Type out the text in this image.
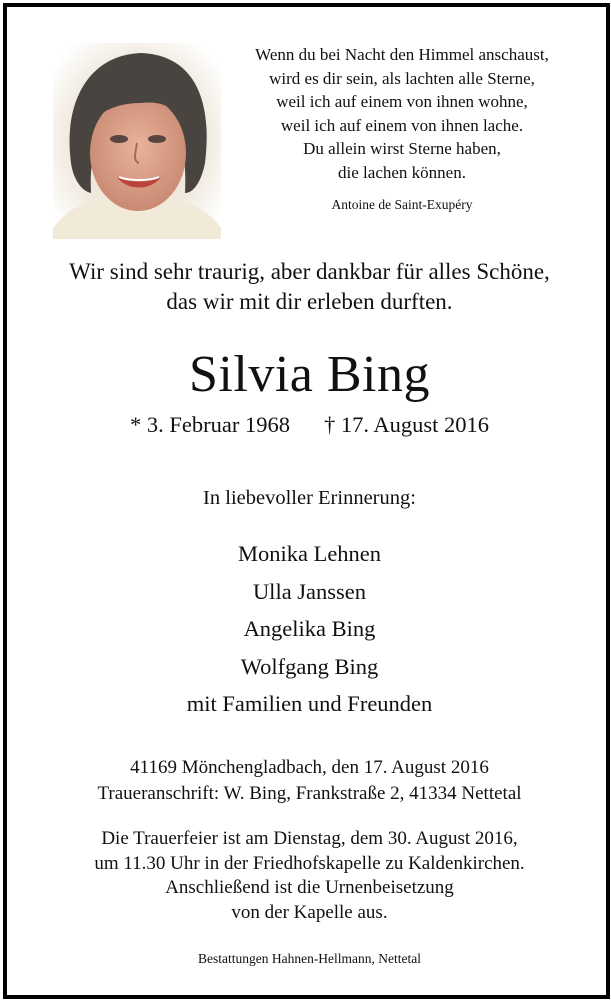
Wenn du bei Nacht den Himmel anschaust,
wird es dir sein, als lachten alle Sterne,
weil ich auf einem von ihnen wohne,
weil ich auf einem von ihnen lache.
Du allein wirst Sterne haben,
die lachen können.
Antoine de Saint-Exupéry
Wir sind sehr traurig, aber dankbar für alles Schöne,
das wir mit dir erleben durften.
Silvia Bing
* 3. Februar 1968 † 17. August 2016
In liebevoller Erinnerung:
Monika Lehnen
Ulla Janssen
Angelika Bing
Wolfgang Bing
mit Familien und Freunden
41169 Mönchengladbach, den 17. August 2016
Traueranschrift: W. Bing, Frankstraße 2, 41334 Nettetal
Die Trauerfeier ist am Dienstag, dem 30. August 2016,
um 11.30 Uhr in der Friedhofskapelle zu Kaldenkirchen.
Anschließend ist die Urnenbeisetzung
von der Kapelle aus.
Bestattungen Hahnen-Hellmann, Nettetal
